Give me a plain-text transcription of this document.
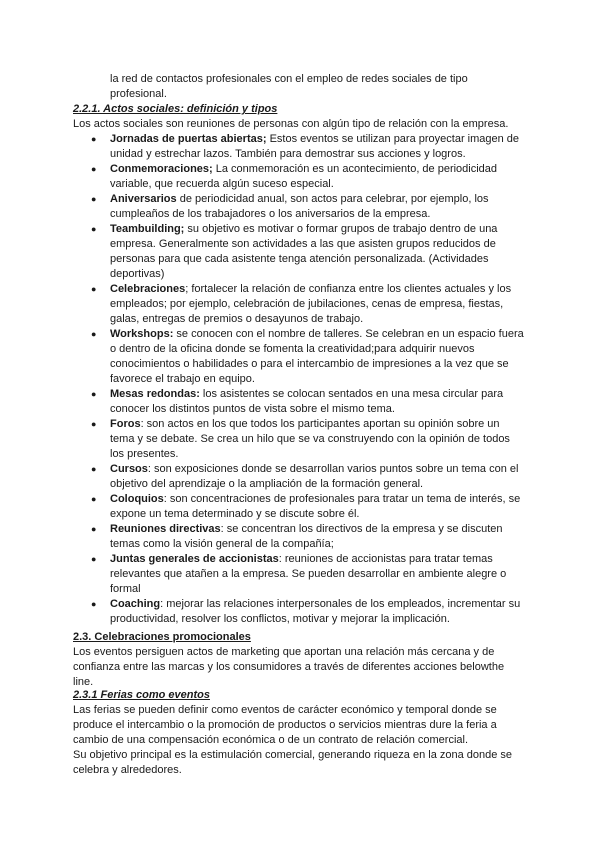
la red de contactos profesionales con el empleo de redes sociales de tipo
profesional.
2.2.1. Actos sociales: definición y tipos
Los actos sociales son reuniones de personas con algún tipo de relación con la empresa.
● Jornadas de puertas abiertas; Estos eventos se utilizan para proyectar imagen de
unidad y estrechar lazos. También para demostrar sus acciones y logros.
● Conmemoraciones; La conmemoración es un acontecimiento, de periodicidad
variable, que recuerda algún suceso especial.
● Aniversarios de periodicidad anual, son actos para celebrar, por ejemplo, los
cumpleaños de los trabajadores o los aniversarios de la empresa.
● Teambuilding; su objetivo es motivar o formar grupos de trabajo dentro de una
empresa. Generalmente son actividades a las que asisten grupos reducidos de
personas para que cada asistente tenga atención personalizada. (Actividades
deportivas)
● Celebraciones; fortalecer la relación de confianza entre los clientes actuales y los
empleados; por ejemplo, celebración de jubilaciones, cenas de empresa, fiestas,
galas, entregas de premios o desayunos de trabajo.
● Workshops: se conocen con el nombre de talleres. Se celebran en un espacio fuera
o dentro de la oficina donde se fomenta la creatividad;para adquirir nuevos
conocimientos o habilidades o para el intercambio de impresiones a la vez que se
favorece el trabajo en equipo.
● Mesas redondas: los asistentes se colocan sentados en una mesa circular para
conocer los distintos puntos de vista sobre el mismo tema.
● Foros: son actos en los que todos los participantes aportan su opinión sobre un
tema y se debate. Se crea un hilo que se va construyendo con la opinión de todos
los presentes.
● Cursos: son exposiciones donde se desarrollan varios puntos sobre un tema con el
objetivo del aprendizaje o la ampliación de la formación general.
● Coloquios: son concentraciones de profesionales para tratar un tema de interés, se
expone un tema determinado y se discute sobre él.
● Reuniones directivas: se concentran los directivos de la empresa y se discuten
temas como la visión general de la compañía;
● Juntas generales de accionistas: reuniones de accionistas para tratar temas
relevantes que atañen a la empresa. Se pueden desarrollar en ambiente alegre o
formal
● Coaching: mejorar las relaciones interpersonales de los empleados, incrementar su
productividad, resolver los conflictos, motivar y mejorar la implicación.
2.3. Celebraciones promocionales
Los eventos persiguen actos de marketing que aportan una relación más cercana y de
confianza entre las marcas y los consumidores a través de diferentes acciones belowthe
line.
2.3.1 Ferias como eventos
Las ferias se pueden definir como eventos de carácter económico y temporal donde se
produce el intercambio o la promoción de productos o servicios mientras dure la feria a
cambio de una compensación económica o de un contrato de relación comercial.
Su objetivo principal es la estimulación comercial, generando riqueza en la zona donde se
celebra y alrededores.
